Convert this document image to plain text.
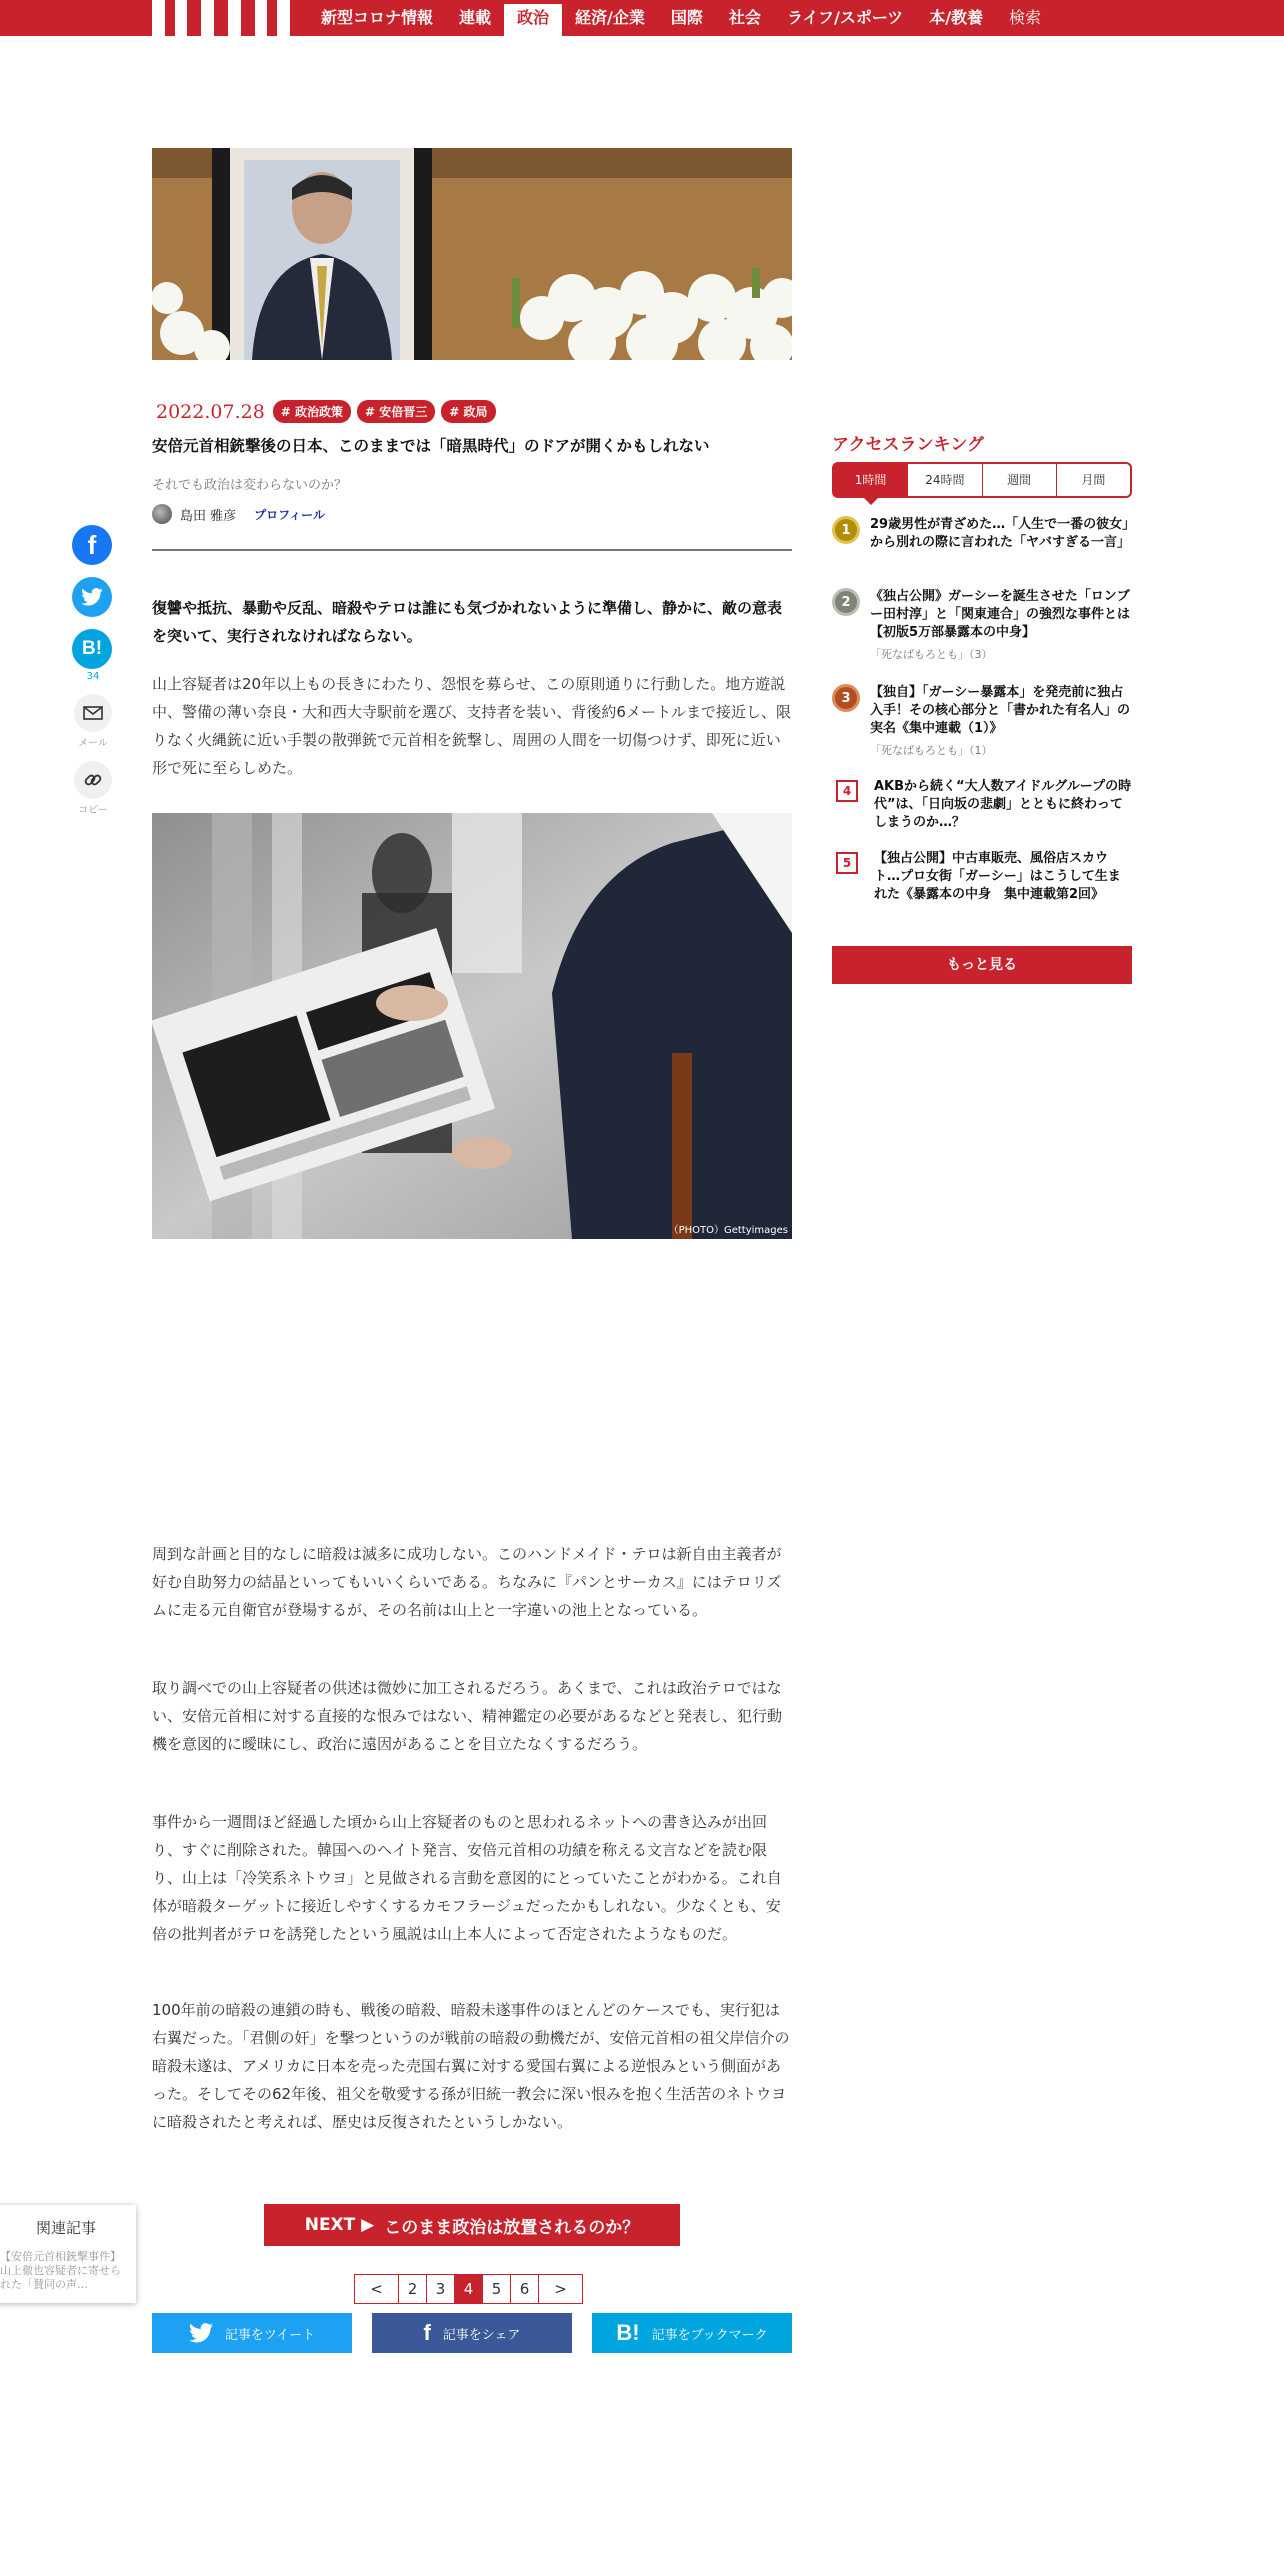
新型コロナ情報	連載	政治	経済/企業	国際	社会	ライフ/スポーツ	本/教養	検索
2022.07.28	# 政治政策	# 安倍晋三	# 政局
安倍元首相銃撃後の日本、このままでは「暗黒時代」のドアが開くかもしれない
それでも政治は変わらないのか？
島田 雅彦 プロフィール
f
B!
34
メール
コピー

復讐や抵抗、暴動や反乱、暗殺やテロは誰にも気づかれないように準備し、静かに、敵の意表を突いて、実行されなければならない。

山上容疑者は20年以上もの長きにわたり、怨恨を募らせ、この原則通りに行動した。地方遊説中、警備の薄い奈良・大和西大寺駅前を選び、支持者を装い、背後約6メートルまで接近し、限りなく火縄銃に近い手製の散弾銃で元首相を銃撃し、周囲の人間を一切傷つけず、即死に近い形で死に至らしめた。

（PHOTO）Gettyimages

周到な計画と目的なしに暗殺は滅多に成功しない。このハンドメイド・テロは新自由主義者が好む自助努力の結晶といってもいいくらいである。ちなみに『パンとサーカス』にはテロリズムに走る元自衛官が登場するが、その名前は山上と一字違いの池上となっている。

取り調べでの山上容疑者の供述は微妙に加工されるだろう。あくまで、これは政治テロではない、安倍元首相に対する直接的な恨みではない、精神鑑定の必要があるなどと発表し、犯行動機を意図的に曖昧にし、政治に遠因があることを目立たなくするだろう。

事件から一週間ほど経過した頃から山上容疑者のものと思われるネットへの書き込みが出回り、すぐに削除された。韓国へのヘイト発言、安倍元首相の功績を称える文言などを読む限り、山上は「冷笑系ネトウヨ」と見做される言動を意図的にとっていたことがわかる。これ自体が暗殺ターゲットに接近しやすくするカモフラージュだったかもしれない。少なくとも、安倍の批判者がテロを誘発したという風説は山上本人によって否定されたようなものだ。

100年前の暗殺の連鎖の時も、戦後の暗殺、暗殺未遂事件のほとんどのケースでも、実行犯は右翼だった。「君側の奸」を撃つというのが戦前の暗殺の動機だが、安倍元首相の祖父岸信介の暗殺未遂は、アメリカに日本を売った売国右翼に対する愛国右翼による逆恨みという側面があった。そしてその62年後、祖父を敬愛する孫が旧統一教会に深い恨みを抱く生活苦のネトウヨに暗殺されたと考えれば、歴史は反復されたというしかない。

関連記事
【安倍元首相銃撃事件】山上徹也容疑者に寄せられた「賛同の声…
NEXT ▶ このまま政治は放置されるのか？
<	2	3	4	5	6	>
記事をツイート	f 記事をシェア	B! 記事をブックマーク
アクセスランキング
1時間	24時間	週間	月間
1	29歳男性が青ざめた…「人生で一番の彼女」から別れの際に言われた「ヤバすぎる一言」
2	《独占公開》ガーシーを誕生させた「ロンブー田村淳」と「関東連合」の強烈な事件とは【初版5万部暴露本の中身】
「死なばもろとも」（3）
3	【独自】「ガーシー暴露本」を発売前に独占入手！その核心部分と「書かれた有名人」の実名《集中連載（1）》
「死なばもろとも」（1）
4	AKBから続く“大人数アイドルグループの時代”は、「日向坂の悲劇」とともに終わってしまうのか…？
5	【独占公開】中古車販売、風俗店スカウト…プロ女街「ガーシー」はこうして生まれた《暴露本の中身　集中連載第2回》
もっと見る
